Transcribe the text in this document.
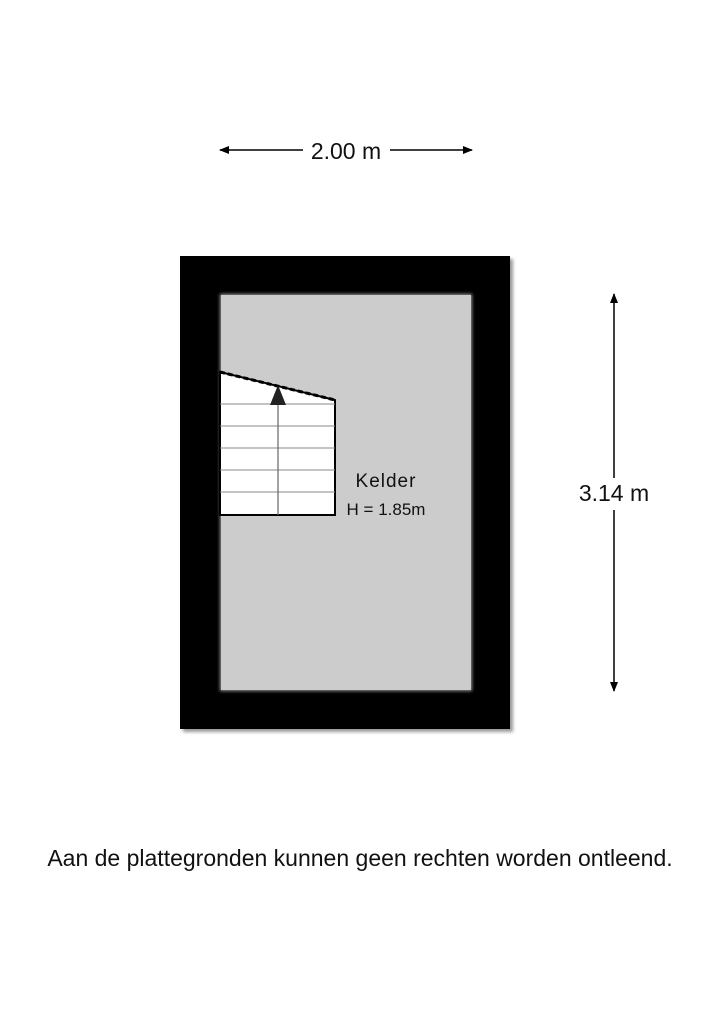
2.00 m
3.14 m
Kelder
H = 1.85m
Aan de plattegronden kunnen geen rechten worden ontleend.
